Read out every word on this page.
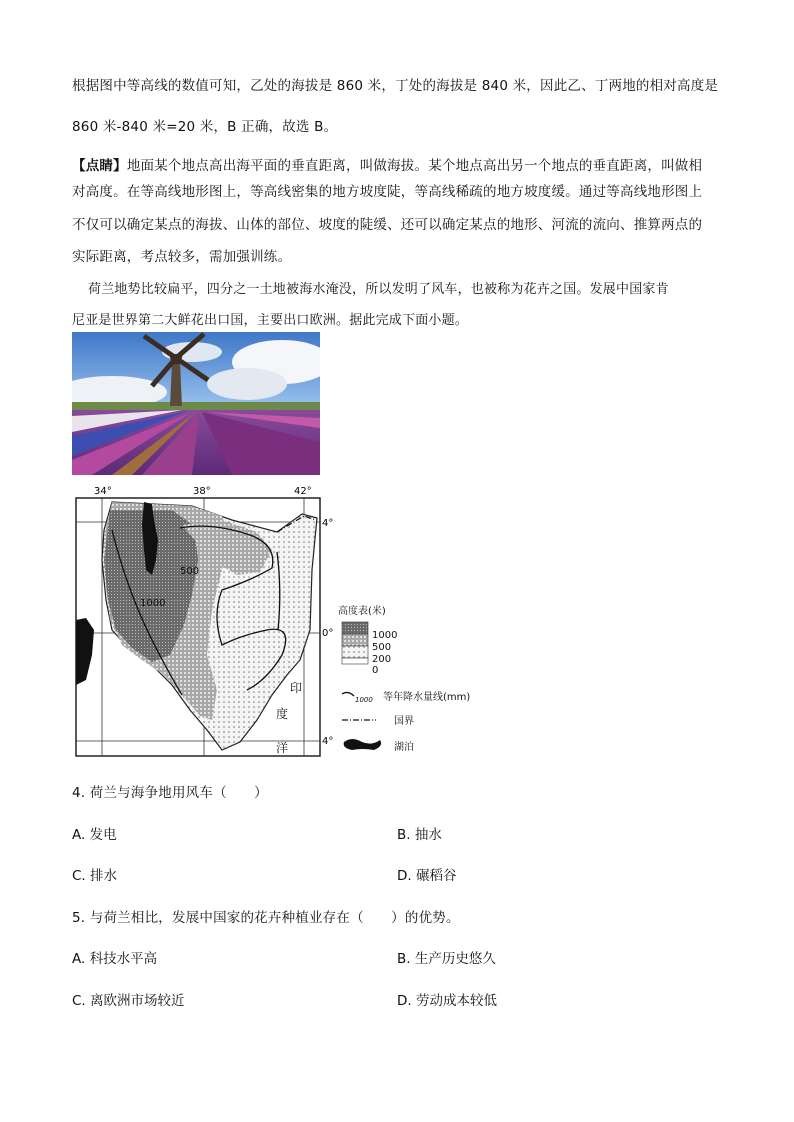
根据图中等高线的数值可知，乙处的海拔是 860 米，丁处的海拔是 840 米，因此乙、丁两地的相对高度是
860 米-840 米=20 米，B 正确，故选 B。
【点睛】地面某个地点高出海平面的垂直距离，叫做海拔。某个地点高出另一个地点的垂直距离，叫做相
对高度。在等高线地形图上，等高线密集的地方坡度陡，等高线稀疏的地方坡度缓。通过等高线地形图上
不仅可以确定某点的海拔、山体的部位、坡度的陡缓、还可以确定某点的地形、河流的流向、推算两点的
实际距离，考点较多，需加强训练。
荷兰地势比较扁平，四分之一土地被海水淹没，所以发明了风车，也被称为花卉之国。发展中国家肯
尼亚是世界第二大鲜花出口国，主要出口欧洲。据此完成下面小题。
34°	38°	42°
4°
0°
4°
500
1000
印
度
洋
高度表(米)
1000
500
200
0
1000 等年降水量线(mm)
国界
湖泊
4. 荷兰与海争地用风车（　　）
A. 发电	B. 抽水
C. 排水	D. 碾稻谷
5. 与荷兰相比，发展中国家的花卉种植业存在（　　）的优势。
A. 科技水平高	B. 生产历史悠久
C. 离欧洲市场较近	D. 劳动成本较低
